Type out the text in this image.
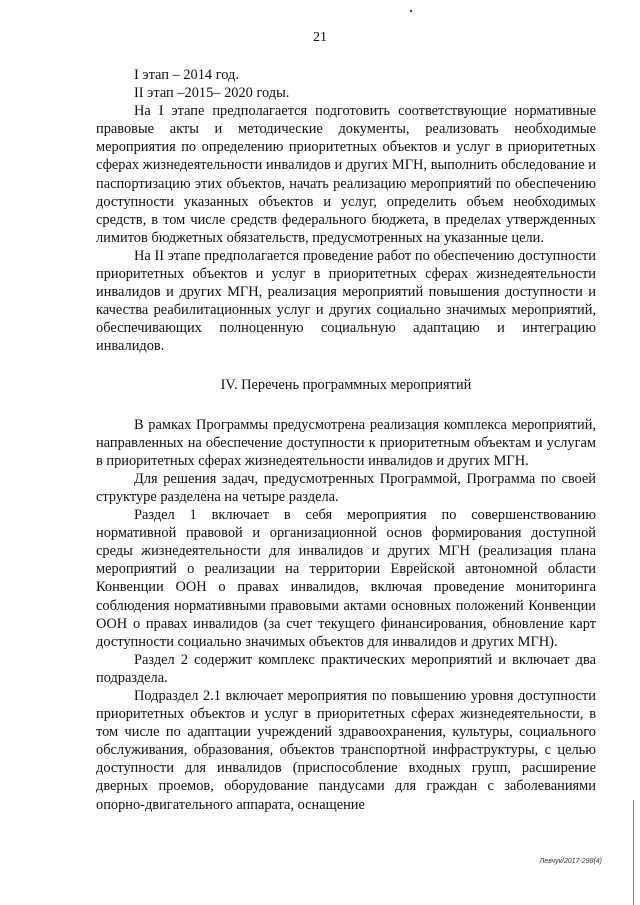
21

I этап – 2014 год.

II этап –2015– 2020 годы.

На I этапе предполагается подготовить соответствующие нормативные правовые акты и методические документы, реализовать необходимые мероприятия по определению приоритетных объектов и услуг в приоритетных сферах жизнедеятельности инвалидов и других МГН, выполнить обследование и паспортизацию этих объектов, начать реализацию мероприятий по обеспечению доступности указанных объектов и услуг, определить объем необходимых средств, в том числе средств федерального бюджета, в пределах утвержденных лимитов бюджетных обязательств, предусмотренных на указанные цели.

На II этапе предполагается проведение работ по обеспечению доступности приоритетных объектов и услуг в приоритетных сферах жизнедеятельности инвалидов и других МГН, реализация мероприятий повышения доступности и качества реабилитационных услуг и других социально значимых мероприятий, обеспечивающих полноценную социальную адаптацию и интеграцию инвалидов.

IV. Перечень программных мероприятий

В рамках Программы предусмотрена реализация комплекса мероприятий, направленных на обеспечение доступности к приоритетным объектам и услугам в приоритетных сферах жизнедеятельности инвалидов и других МГН.

Для решения задач, предусмотренных Программой, Программа по своей структуре разделена на четыре раздела.

Раздел 1 включает в себя мероприятия по совершенствованию нормативной правовой и организационной основ формирования доступной среды жизнедеятельности для инвалидов и других МГН (реализация плана мероприятий о реализации на территории Еврейской автономной области Конвенции ООН о правах инвалидов, включая проведение мониторинга соблюдения нормативными правовыми актами основных положений Конвенции ООН о правах инвалидов (за счет текущего финансирования, обновление карт доступности социально значимых объектов для инвалидов и других МГН).

Раздел 2 содержит комплекс практических мероприятий и включает два подраздела.

Подраздел 2.1 включает мероприятия по повышению уровня доступности приоритетных объектов и услуг в приоритетных сферах жизнедеятельности, в том числе по адаптации учреждений здравоохранения, культуры, социального обслуживания, образования, объектов транспортной инфраструктуры, с целью доступности для инвалидов (приспособление входных групп, расширение дверных проемов, оборудование пандусами для граждан с заболеваниями опорно-двигательного аппарата, оснащение

Левчук/2017-298(4)
